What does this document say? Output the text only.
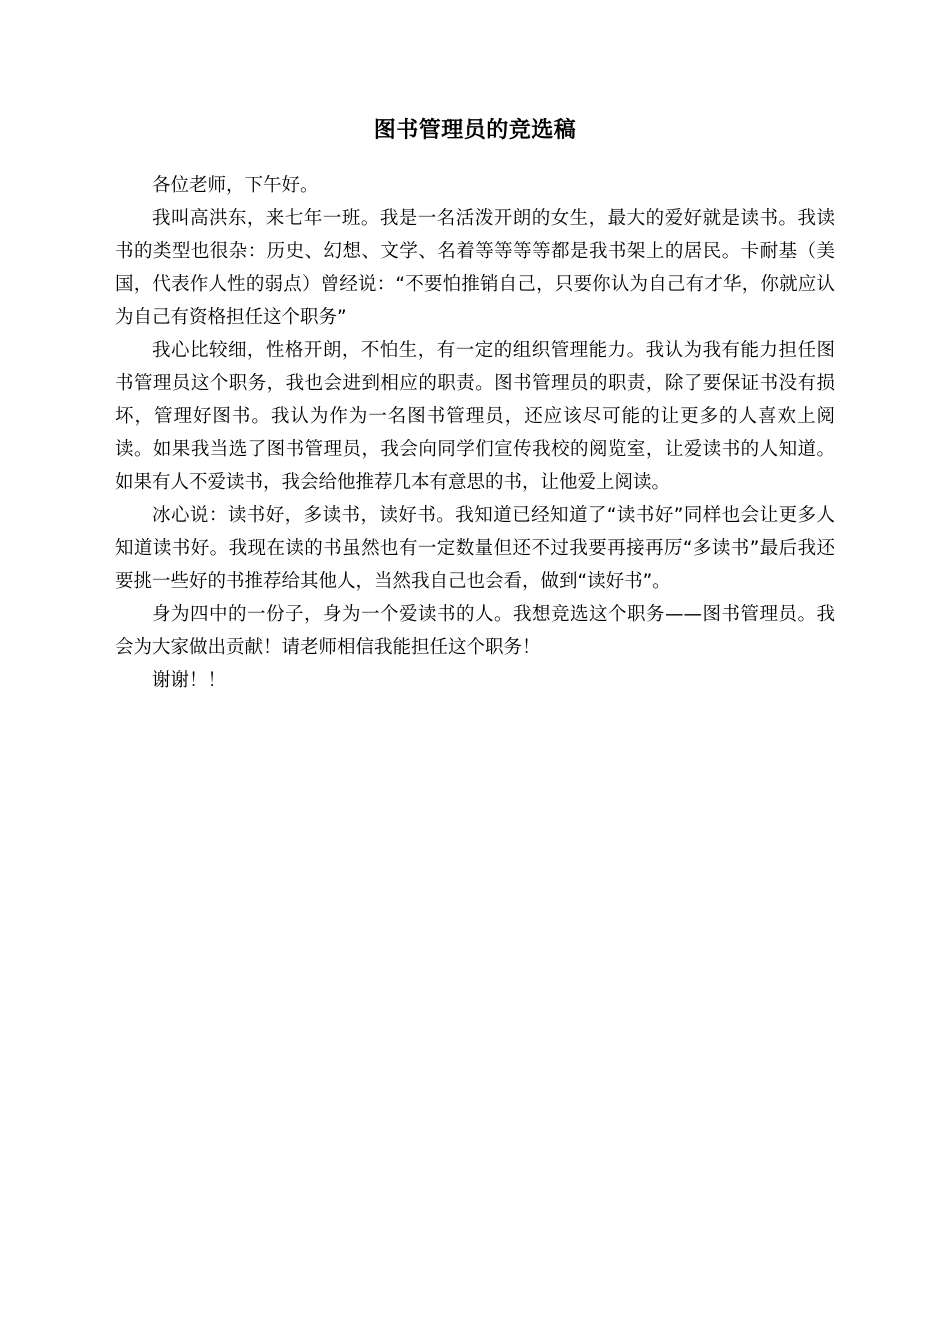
图书管理员的竞选稿

各位老师，下午好。

我叫高洪东，来七年一班。我是一名活泼开朗的女生，最大的爱好就是读书。我读书的类型也很杂：历史、幻想、文学、名着等等等等都是我书架上的居民。卡耐基（美国，代表作人性的弱点）曾经说：“不要怕推销自己，只要你认为自己有才华，你就应认为自己有资格担任这个职务”

我心比较细，性格开朗，不怕生，有一定的组织管理能力。我认为我有能力担任图书管理员这个职务，我也会进到相应的职责。图书管理员的职责，除了要保证书没有损坏，管理好图书。我认为作为一名图书管理员，还应该尽可能的让更多的人喜欢上阅读。如果我当选了图书管理员，我会向同学们宣传我校的阅览室，让爱读书的人知道。如果有人不爱读书，我会给他推荐几本有意思的书，让他爱上阅读。

冰心说：读书好，多读书，读好书。我知道已经知道了“读书好”同样也会让更多人知道读书好。我现在读的书虽然也有一定数量但还不过我要再接再厉“多读书”最后我还要挑一些好的书推荐给其他人，当然我自己也会看，做到“读好书”。

身为四中的一份子，身为一个爱读书的人。我想竞选这个职务——图书管理员。我会为大家做出贡献！请老师相信我能担任这个职务！

谢谢！！
